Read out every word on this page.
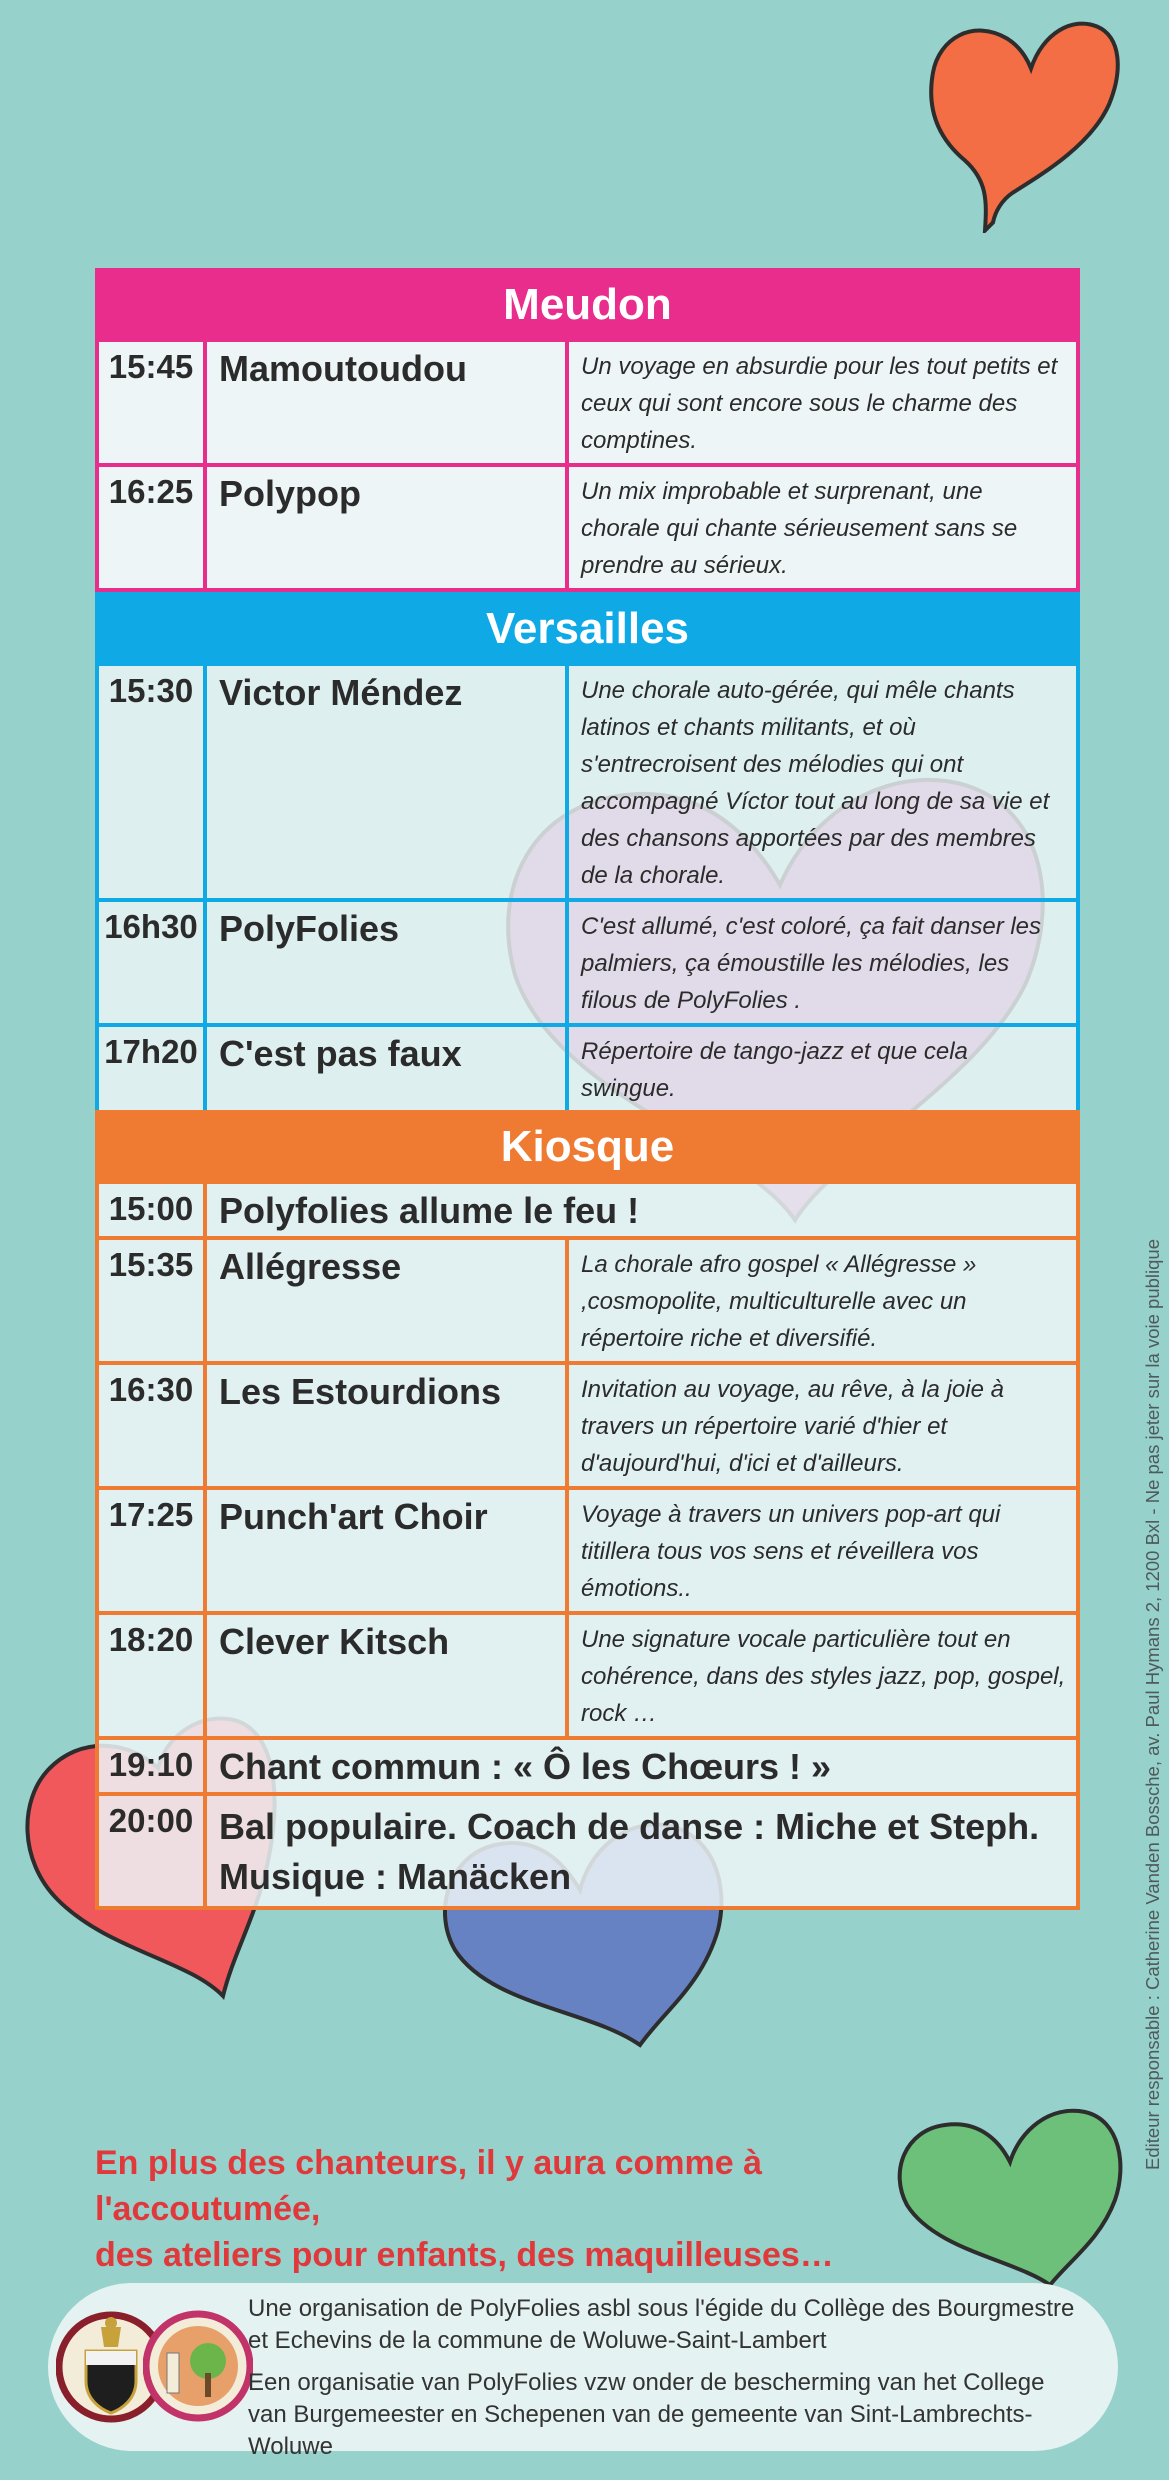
Meudon		
15:45	Mamoutoudou	Un voyage en absurdie pour les tout petits et ceux qui sont encore sous le charme des comptines.
16:25	Polypop	Un mix improbable et surprenant, une chorale qui chante sérieusement sans se prendre au sérieux.
Versailles		
15:30	Victor Méndez	Une chorale auto-gérée, qui mêle chants latinos et chants militants, et où s'entrecroisent des mélodies qui ont accompagné Víctor tout au long de sa vie et des chansons apportées par des membres de la chorale.
16h30	PolyFolies	C'est allumé, c'est coloré, ça fait danser les palmiers, ça émoustille les mélodies, les filous de PolyFolies .
17h20	C'est pas faux	Répertoire de tango-jazz et que cela swingue.
Kiosque		
15:00	Polyfolies allume le feu !	
15:35	Allégresse	La chorale afro gospel « Allégresse » ,cosmopolite, multiculturelle avec un répertoire riche et diversifié.
16:30	Les Estourdions	Invitation au voyage, au rêve, à la joie à travers un répertoire varié d'hier et d'aujourd'hui, d'ici et d'ailleurs.
17:25	Punch'art Choir	Voyage à travers un univers pop-art qui titillera tous vos sens et réveillera vos émotions..
18:20	Clever Kitsch	Une signature vocale particulière tout en cohérence, dans des styles jazz, pop, gospel, rock …
19:10	Chant commun : « Ô les Chœurs ! »	
20:00	Bal populaire. Coach de danse : Miche et Steph. Musique : Manäcken	
En plus des chanteurs, il y aura comme à l'accoutumée,
des ateliers pour enfants, des maquilleuses…
Editeur responsable : Catherine Vanden Bossche, av. Paul Hymans 2, 1200 Bxl - Ne pas jeter sur la voie publique

Une organisation de PolyFolies asbl sous l'égide du Collège des Bourgmestre et Echevins de la commune de Woluwe-Saint-Lambert

Een organisatie van PolyFolies vzw onder de bescherming van het College van Burgemeester en Schepenen van de gemeente van Sint-Lambrechts-Woluwe
